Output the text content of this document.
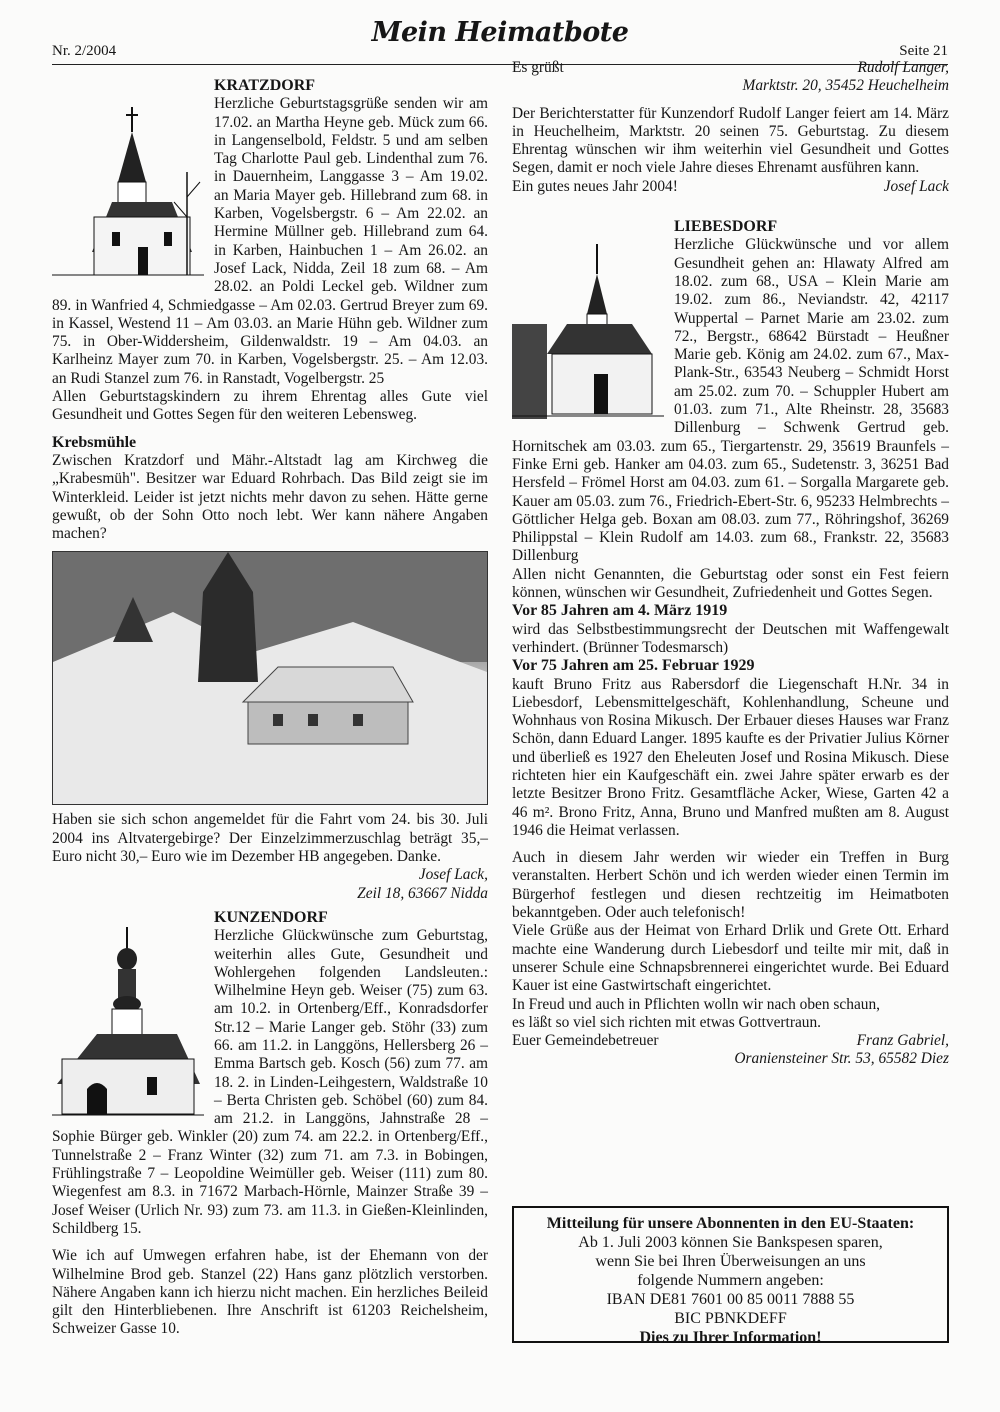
Nr. 2/2004
Mein Heimatbote
Seite 21

KRATZDORF

Herzliche Geburtstagsgrüße senden wir am 17.02. an Martha Heyne geb. Mück zum 66. in Langenselbold, Feldstr. 5 und am selben Tag Charlotte Paul geb. Lindenthal zum 76. in Dauernheim, Langgasse 3 – Am 19.02. an Maria Mayer geb. Hillebrand zum 68. in Karben, Vogelsbergstr. 6 – Am 22.02. an Hermine Müllner geb. Hillebrand zum 64. in Karben, Hainbuchen 1 – Am 26.02. an Josef Lack, Nidda, Zeil 18 zum 68. – Am 28.02. an Poldi Leckel geb. Wildner zum 89. in Wanfried 4, Schmiedgasse – Am 02.03. Gertrud Breyer zum 69. in Kassel, Westend 11 – Am 03.03. an Marie Hühn geb. Wildner zum 75. in Ober-Widdersheim, Gildenwaldstr. 19 – Am 04.03. an Karlheinz Mayer zum 70. in Karben, Vogelsbergstr. 25. – Am 12.03. an Rudi Stanzel zum 76. in Ranstadt, Vogelbergstr. 25

Allen Geburtstagskindern zu ihrem Ehrentag alles Gute viel Gesundheit und Gottes Segen für den weiteren Lebensweg.

Krebsmühle

Zwischen Kratzdorf und Mähr.-Altstadt lag am Kirchweg die „Krabesmüh". Besitzer war Eduard Rohrbach. Das Bild zeigt sie im Winterkleid. Leider ist jetzt nichts mehr davon zu sehen. Hätte gerne gewußt, ob der Sohn Otto noch lebt. Wer kann nähere Angaben machen?

Haben sie sich schon angemeldet für die Fahrt vom 24. bis 30. Juli 2004 ins Altvatergebirge? Der Einzelzimmerzuschlag beträgt 35,– Euro nicht 30,– Euro wie im Dezember HB angegeben. Danke.

Josef Lack,

Zeil 18, 63667 Nidda

KUNZENDORF

Herzliche Glückwünsche zum Geburtstag, weiterhin alles Gute, Gesundheit und Wohlergehen folgenden Landsleuten.: Wilhelmine Heyn geb. Weiser (75) zum 63. am 10.2. in Ortenberg/Eff., Konradsdorfer Str.12 – Marie Langer geb. Stöhr (33) zum 66. am 11.2. in Langgöns, Hellersberg 26 – Emma Bartsch geb. Kosch (56) zum 77. am 18. 2. in Linden-Leihgestern, Waldstraße 10 – Berta Christen geb. Schöbel (60) zum 84. am 21.2. in Langgöns, Jahnstraße 28 – Sophie Bürger geb. Winkler (20) zum 74. am 22.2. in Ortenberg/Eff., Tunnelstraße 2 – Franz Winter (32) zum 71. am 7.3. in Bobingen, Frühlingstraße 7 – Leopoldine Weimüller geb. Weiser (111) zum 80. Wiegenfest am 8.3. in 71672 Marbach-Hörnle, Mainzer Straße 39 – Josef Weiser (Urlich Nr. 93) zum 73. am 11.3. in Gießen-Kleinlinden, Schildberg 15.

Wie ich auf Umwegen erfahren habe, ist der Ehemann von der Wilhelmine Brod geb. Stanzel (22) Hans ganz plötzlich verstorben. Nähere Angaben kann ich hierzu nicht machen. Ein herzliches Beileid gilt den Hinterbliebenen. Ihre Anschrift ist 61203 Reichelsheim, Schweizer Gasse 10.

Es grüßt	Rudolf Langer,

Marktstr. 20, 35452 Heuchelheim

Der Berichterstatter für Kunzendorf Rudolf Langer feiert am 14. März in Heuchelheim, Marktstr. 20 seinen 75. Geburtstag. Zu diesem Ehrentag wünschen wir ihm weiterhin viel Gesundheit und Gottes Segen, damit er noch viele Jahre dieses Ehrenamt ausführen kann.

Ein gutes neues Jahr 2004!	Josef Lack

LIEBESDORF

Herzliche Glückwünsche und vor allem Gesundheit gehen an: Hlawaty Alfred am 18.02. zum 68., USA – Klein Marie am 19.02. zum 86., Neviandstr. 42, 42117 Wuppertal – Parnet Marie am 23.02. zum 72., Bergstr., 68642 Bürstadt – Heußner Marie geb. König am 24.02. zum 67., Max-Plank-Str., 63543 Neuberg – Schmidt Horst am 25.02. zum 70. – Schuppler Hubert am 01.03. zum 71., Alte Rheinstr. 28, 35683 Dillenburg – Schwenk Gertrud geb. Hornitschek am 03.03. zum 65., Tiergartenstr. 29, 35619 Braunfels – Finke Erni geb. Hanker am 04.03. zum 65., Sudetenstr. 3, 36251 Bad Hersfeld – Frömel Horst am 04.03. zum 61. – Sorgalla Margarete geb. Kauer am 05.03. zum 76., Friedrich-Ebert-Str. 6, 95233 Helmbrechts – Göttlicher Helga geb. Boxan am 08.03. zum 77., Röhringshof, 36269 Philippstal – Klein Rudolf am 14.03. zum 68., Frankstr. 22, 35683 Dillenburg

Allen nicht Genannten, die Geburtstag oder sonst ein Fest feiern können, wünschen wir Gesundheit, Zufriedenheit und Gottes Segen.

Vor 85 Jahren am 4. März 1919

wird das Selbstbestimmungsrecht der Deutschen mit Waffengewalt verhindert. (Brünner Todesmarsch)

Vor 75 Jahren am 25. Februar 1929

kauft Bruno Fritz aus Rabersdorf die Liegenschaft H.Nr. 34 in Liebesdorf, Lebensmittelgeschäft, Kohlenhandlung, Scheune und Wohnhaus von Rosina Mikusch. Der Erbauer dieses Hauses war Franz Schön, dann Eduard Langer. 1895 kaufte es der Privatier Julius Körner und überließ es 1927 den Eheleuten Josef und Rosina Mikusch. Diese richteten hier ein Kaufgeschäft ein. zwei Jahre später erwarb es der letzte Besitzer Brono Fritz. Gesamtfläche Acker, Wiese, Garten 42 a 46 m². Brono Fritz, Anna, Bruno und Manfred mußten am 8. August 1946 die Heimat verlassen.

Auch in diesem Jahr werden wir wieder ein Treffen in Burg veranstalten. Herbert Schön und ich werden wieder einen Termin im Bürgerhof festlegen und diesen rechtzeitig im Heimatboten bekanntgeben. Oder auch telefonisch!

Viele Grüße aus der Heimat von Erhard Drlik und Grete Ott. Erhard machte eine Wanderung durch Liebesdorf und teilte mir mit, daß in unserer Schule eine Schnapsbrennerei eingerichtet wurde. Bei Eduard Kauer ist eine Gastwirtschaft eingerichtet.

In Freud und auch in Pflichten wolln wir nach oben schaun,

es läßt so viel sich richten mit etwas Gottvertraun.

Euer Gemeindebetreuer	Franz Gabriel,

Oraniensteiner Str. 53, 65582 Diez

Mitteilung für unsere Abonnenten in den EU-Staaten:
Ab 1. Juli 2003 können Sie Bankspesen sparen,
wenn Sie bei Ihren Überweisungen an uns
folgende Nummern angeben:
IBAN DE81 7601 00 85 0011 7888 55
BIC PBNKDEFF
Dies zu Ihrer Information!
